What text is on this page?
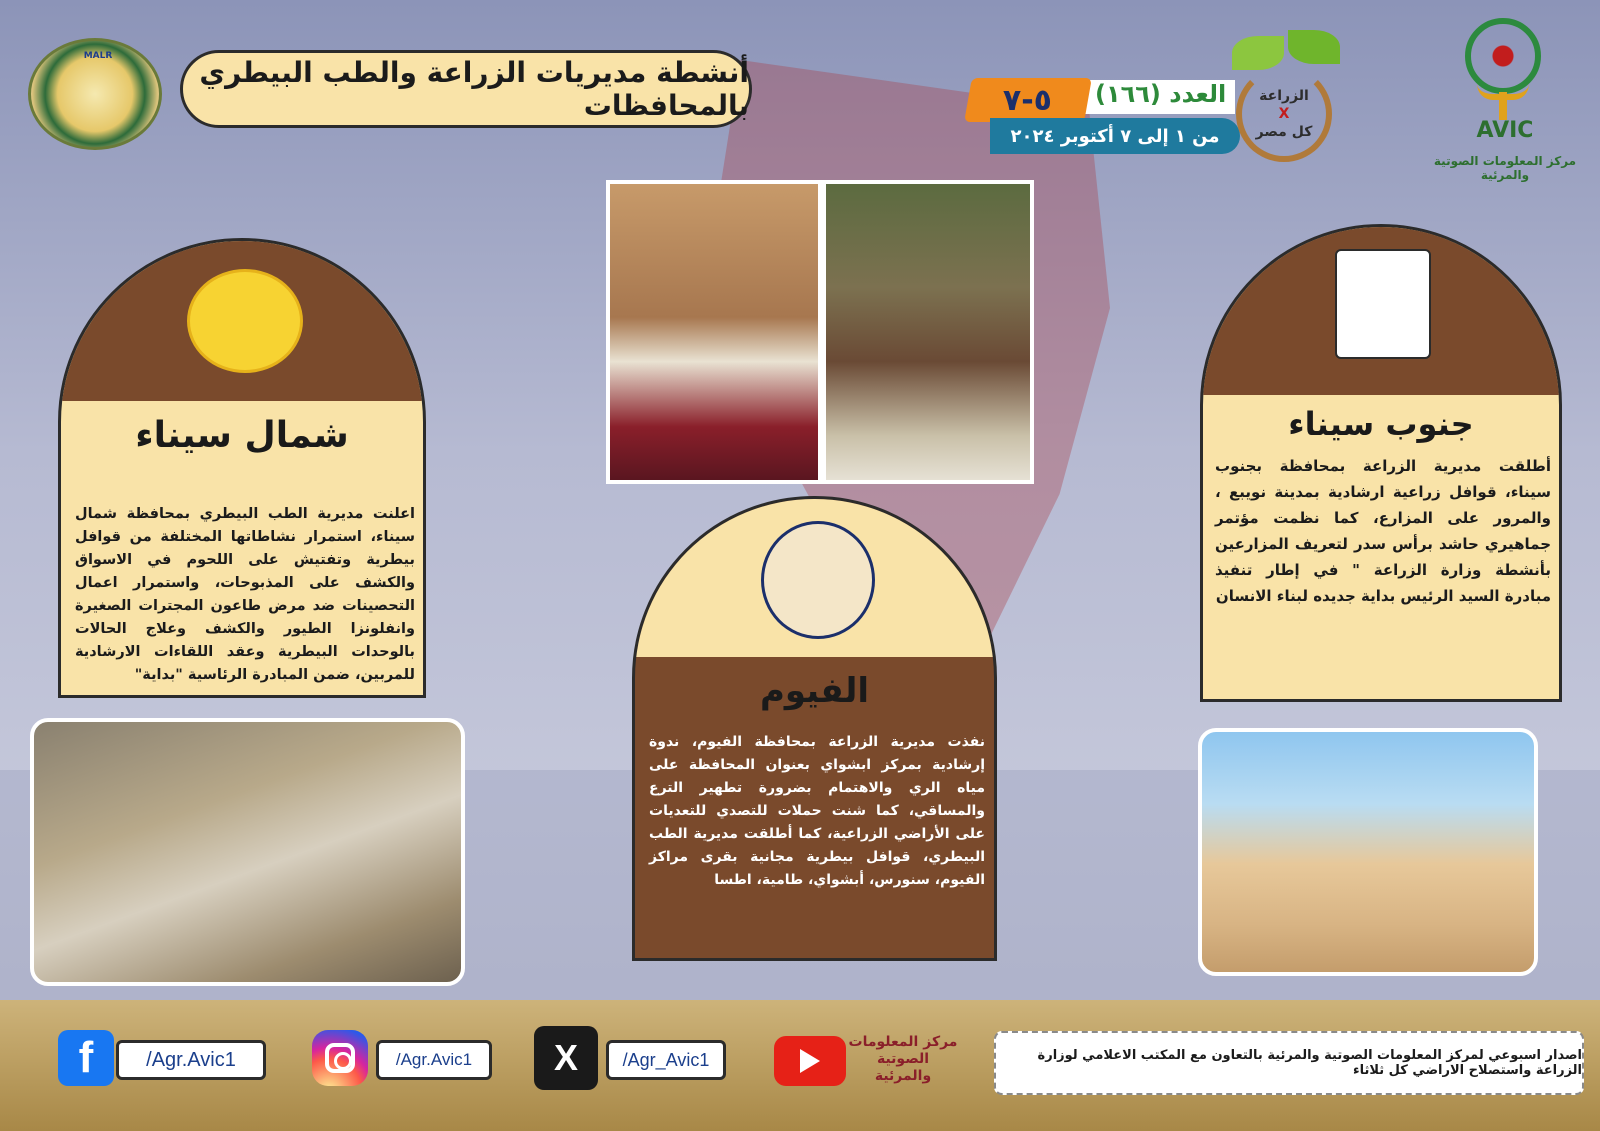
MALR	أنشطة مديريات الزراعة والطب البيطري بالمحافظات	العدد (١٦٦)
٥-٧
من ١ إلى ٧ أكتوبر ٢٠٢٤
الزراعة
X
كل مصر	AVIC
مركز المعلومات الصوتية والمرئية
شمال سيناء
اعلنت مديرية الطب البيطري بمحافظة شمال سيناء، استمرار نشاطاتها المختلفة من قوافل بيطرية وتفتيش على اللحوم في الاسواق والكشف على المذبوحات، واستمرار اعمال التحصينات ضد مرض طاعون المجترات الصغيرة وانفلونزا الطيور والكشف وعلاج الحالات بالوحدات البيطرية وعقد اللقاءات الارشادية للمربين، ضمن المبادرة الرئاسية "بداية"
جنوب سيناء
أطلقت مديرية الزراعة بمحافظة بجنوب سيناء، قوافل زراعية ارشادية بمدينة نويبع ، والمرور على المزارع، كما نظمت مؤتمر جماهيري حاشد برأس سدر لتعريف المزارعين بأنشطة وزارة الزراعة " في إطار تنفيذ مبادرة السيد الرئيس بداية جديده لبناء الانسان
الفيوم
نفذت مديرية الزراعة بمحافظة الفيوم، ندوة إرشادية بمركز ابشواي بعنوان المحافظة على مياه الري والاهتمام بضرورة تطهير الترع والمساقي، كما شنت حملات للتصدي للتعديات على الأراضي الزراعية، كما أطلقت مديرية الطب البيطري، قوافل بيطرية مجانية بقرى مراكز الفيوم، سنورس، أبشواي، طامية، اطسا
اصدار اسبوعي لمركز المعلومات الصوتية والمرئية بالتعاون مع المكتب الاعلامي لوزارة الزراعة واستصلاح الاراضي كل ثلاثاء
f	/Agr.Avic1	/Agr.Avic1	X	/Agr_Avic1
مركز المعلومات الصوتية والمرئية
